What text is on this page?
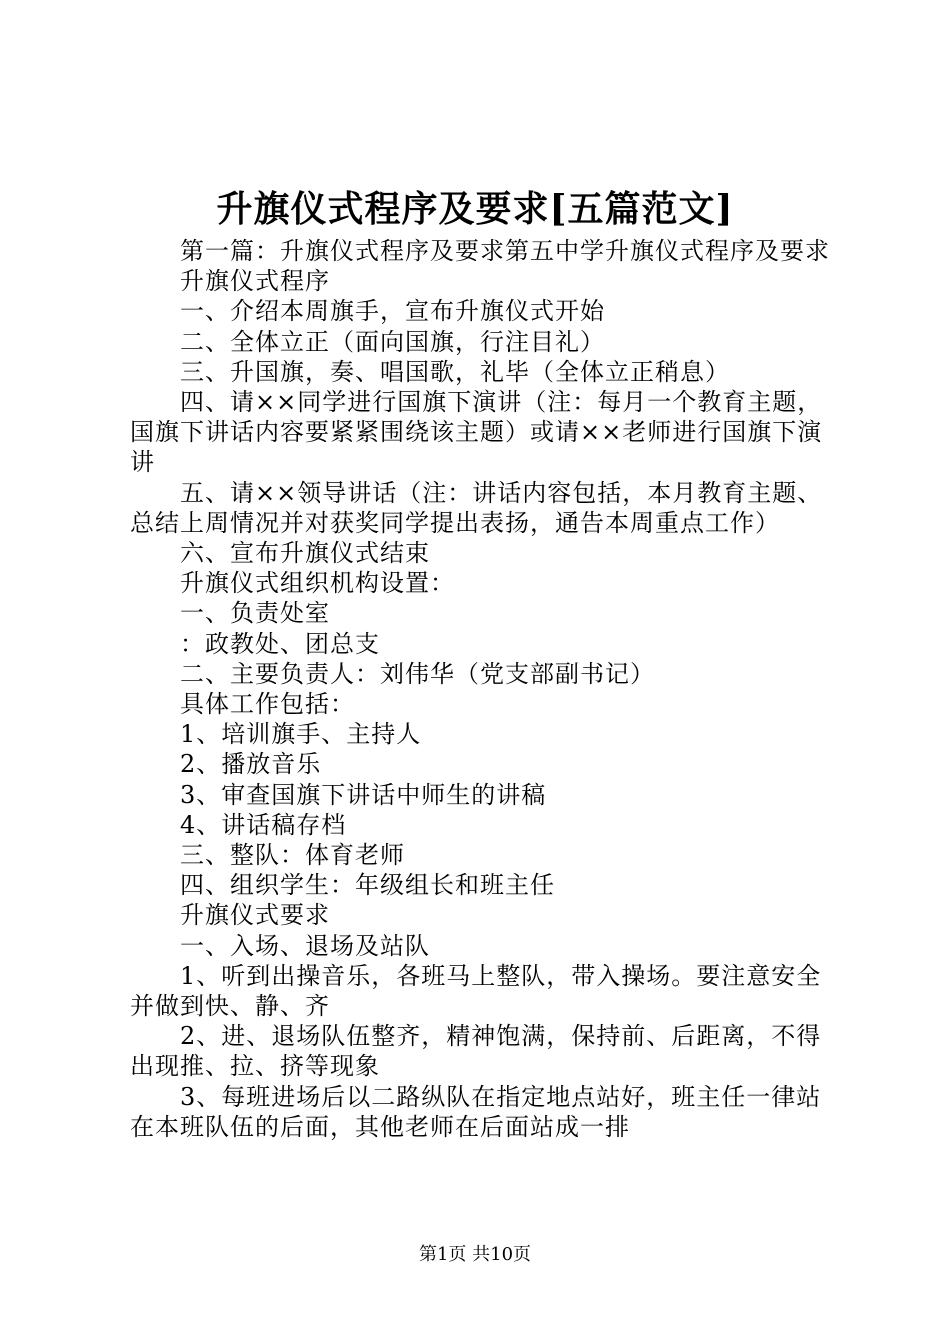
升旗仪式程序及要求[五篇范文]

第一篇：升旗仪式程序及要求第五中学升旗仪式程序及要求

升旗仪式程序

一、介绍本周旗手，宣布升旗仪式开始

二、全体立正（面向国旗，行注目礼）

三、升国旗，奏、唱国歌，礼毕（全体立正稍息）

四、请××同学进行国旗下演讲（注：每月一个教育主题，国旗下讲话内容要紧紧围绕该主题）或请××老师进行国旗下演讲

五、请××领导讲话（注：讲话内容包括，本月教育主题、总结上周情况并对获奖同学提出表扬，通告本周重点工作）

六、宣布升旗仪式结束

升旗仪式组织机构设置：

一、负责处室

：政教处、团总支

二、主要负责人：刘伟华（党支部副书记）

具体工作包括：

1、培训旗手、主持人

2、播放音乐

3、审查国旗下讲话中师生的讲稿

4、讲话稿存档

三、整队：体育老师

四、组织学生：年级组长和班主任

升旗仪式要求

一、入场、退场及站队

1、听到出操音乐，各班马上整队，带入操场。要注意安全并做到快、静、齐

2、进、退场队伍整齐，精神饱满，保持前、后距离，不得出现推、拉、挤等现象

3、每班进场后以二路纵队在指定地点站好，班主任一律站在本班队伍的后面，其他老师在后面站成一排

第1页 共10页
